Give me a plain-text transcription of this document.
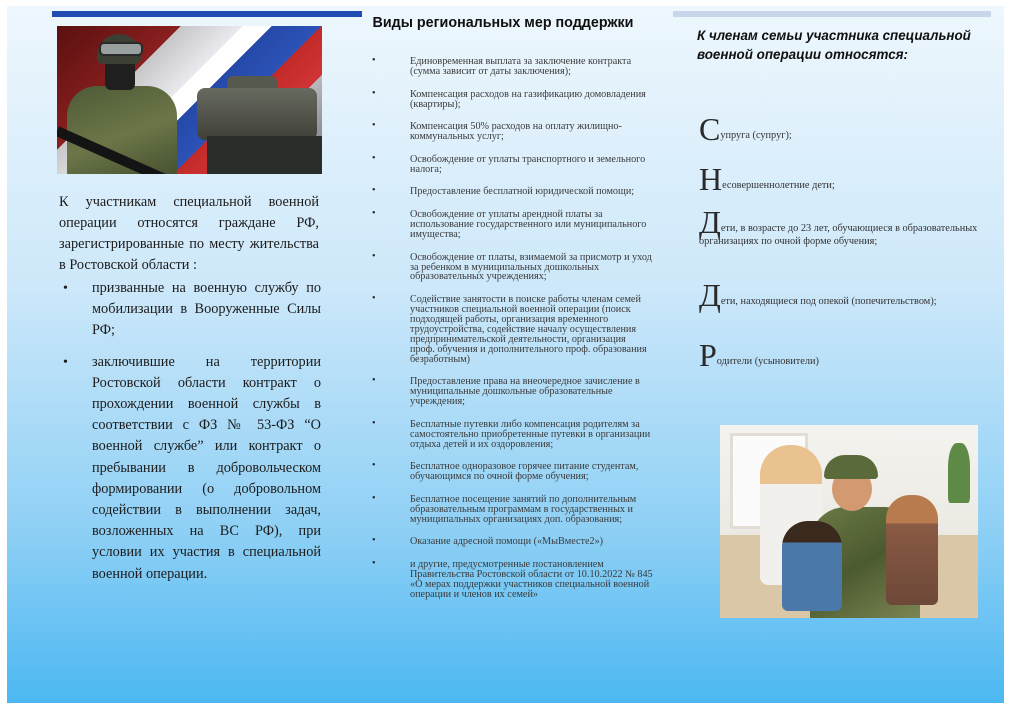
К участникам специальной военной операции относятся граждане РФ, зарегистрированные по месту жительства в Ростовской области :

• призванные на военную службу по мобилизации в Вооруженные Силы РФ;
• заключившие на территории Ростовской области контракт о прохождении военной службы в соответствии с ФЗ № 53-ФЗ “О военной службе” или контракт о пребывании в добровольческом формировании (о добровольном содействии в выполнении задач, возложенных на ВС РФ), при условии их участия в специальной военной операции.
Виды региональных мер поддержки
•	Единовременная выплата за заключение контракта (сумма зависит от даты заключения);
•	Компенсация расходов на газификацию домовладения (квартиры);
•	Компенсация 50% расходов на оплату жилищно-коммунальных услуг;
•	Освобождение от уплаты транспортного и земельного налога;
•	Предоставление бесплатной юридической помощи;
•	Освобождение от уплаты арендной платы за использование государственного или муниципального имущества;
•	Освобождение от платы, взимаемой за присмотр и уход за ребенком в муниципальных дошкольных образовательных учреждениях;
•	Содействие занятости в поиске работы членам семей участников специальной военной операции (поиск подходящей работы, организация временного трудоустройства, содействие началу осуществления предпринимательской деятельности, организация проф. обучения и дополнительного проф. образования безработным)
•	Предоставление права на внеочередное зачисление в муниципальные дошкольные образовательные учреждения;
•	Бесплатные путевки либо компенсация родителям за самостоятельно приобретенные путевки в организации отдыха детей и их оздоровления;
•	Бесплатное одноразовое горячее питание студентам, обучающимся по очной форме обучения;
•	Бесплатное посещение занятий по дополнительным образовательным программам в государственных и муниципальных организациях доп. образования;
•	Оказание адресной помощи («МыВместе2»)
•	и другие, предусмотренные постановлением Правительства Ростовской области от 10.10.2022 № 845 «О мерах поддержки участников специальной военной операции и членов их семей»
К членам семьи участника специальной военной операции относятся:
Супруга (супруг);
Несовершеннолетние дети;
Дети, в возрасте до 23 лет, обучающиеся в образовательных организациях по очной форме обучения;
Дети, находящиеся под опекой (попечительством);
Родители (усыновители)
